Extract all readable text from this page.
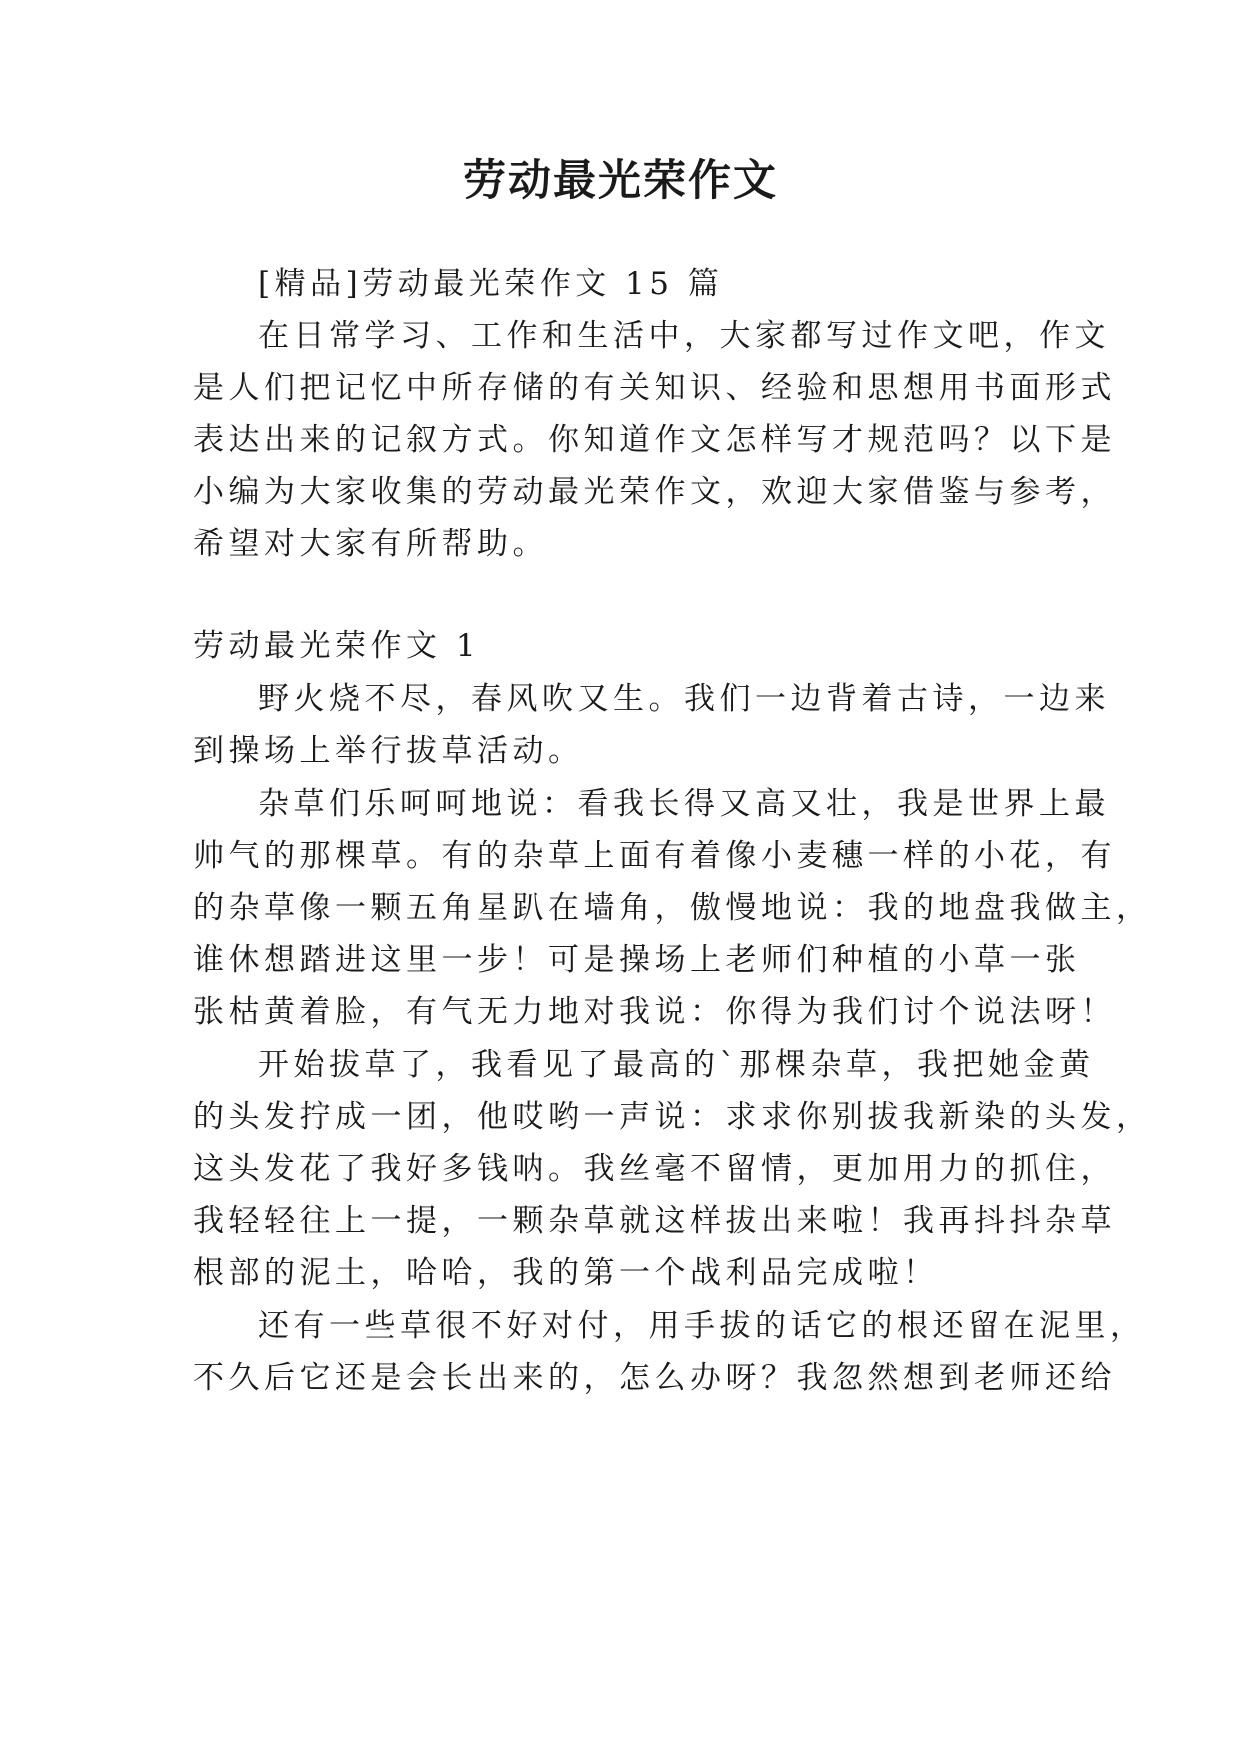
劳动最光荣作文

[精品]劳动最光荣作文 15 篇

在日常学习、工作和生活中，大家都写过作文吧，作文

是人们把记忆中所存储的有关知识、经验和思想用书面形式

表达出来的记叙方式。你知道作文怎样写才规范吗？以下是

小编为大家收集的劳动最光荣作文，欢迎大家借鉴与参考，

希望对大家有所帮助。

劳动最光荣作文 1

野火烧不尽，春风吹又生。我们一边背着古诗，一边来

到操场上举行拔草活动。

杂草们乐呵呵地说：看我长得又高又壮，我是世界上最

帅气的那棵草。有的杂草上面有着像小麦穗一样的小花，有

的杂草像一颗五角星趴在墙角，傲慢地说：我的地盘我做主，

谁休想踏进这里一步！可是操场上老师们种植的小草一张

张枯黄着脸，有气无力地对我说：你得为我们讨个说法呀！

开始拔草了，我看见了最高的`那棵杂草，我把她金黄

的头发拧成一团，他哎哟一声说：求求你别拔我新染的头发，

这头发花了我好多钱呐。我丝毫不留情，更加用力的抓住，

我轻轻往上一提，一颗杂草就这样拔出来啦！我再抖抖杂草

根部的泥土，哈哈，我的第一个战利品完成啦！

还有一些草很不好对付，用手拔的话它的根还留在泥里，

不久后它还是会长出来的，怎么办呀？我忽然想到老师还给
